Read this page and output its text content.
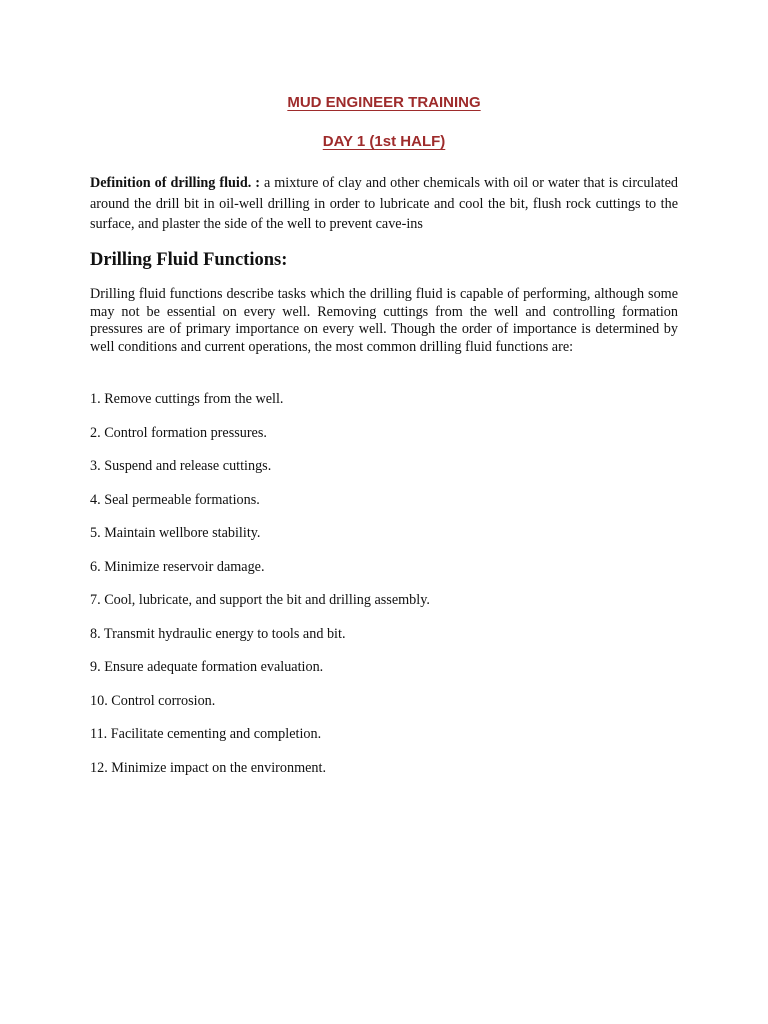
MUD ENGINEER TRAINING
DAY 1 (1st HALF)

Definition of drilling fluid. : a mixture of clay and other chemicals with oil or water that is circulated around the drill bit in oil-well drilling in order to lubricate and cool the bit, flush rock cuttings to the surface, and plaster the side of the well to prevent cave-ins

Drilling Fluid Functions:

Drilling fluid functions describe tasks which the drilling fluid is capable of performing, although some may not be essential on every well. Removing cuttings from the well and controlling formation pressures are of primary importance on every well. Though the order of importance is determined by well conditions and current operations, the most common drilling fluid functions are:

1. Remove cuttings from the well.
2. Control formation pressures.
3. Suspend and release cuttings.
4. Seal permeable formations.
5. Maintain wellbore stability.
6. Minimize reservoir damage.
7. Cool, lubricate, and support the bit and drilling assembly.
8. Transmit hydraulic energy to tools and bit.
9. Ensure adequate formation evaluation.
10. Control corrosion.
11. Facilitate cementing and completion.
12. Minimize impact on the environment.
